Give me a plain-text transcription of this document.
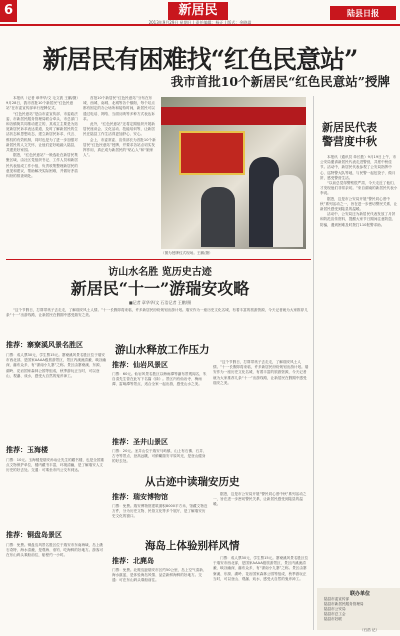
6	新居民
2013年9月29日 星期日 | 责任编辑：杨正 | 版式：金晓嵩
陆县日报
新居民有困难找“红色民意站”
我市首批10个新居民“红色民意站”授牌

本报讯（记者 章华华/文 毛文波 王鹏/摄）9月28日，我市首批10个新居民“红色民意站”在市委宣传部举行授牌仪式。

“红色民意站”是由市委宣传部、市委政法委、市新居民服务管理局联合牵头，市总部门和各镇街共同推动建立的，其成立主要是为拓宽新居民诉求表达渠道，及时了解新居民的生活状态和思想动态，建立新居民诉求、代言、维权的有效机制，同时也是为了进一步加强对新居民的人文关怀，让他们更好地融入陆县，共建美好家园。

据悉，“红色民意站”一般选址在新居民集聚区域，由社区党组织书记、工作人员和新居民代表组成工作小组，负责收集整理新居民的意见和建议，帮助解决实际困难，并做好矛盾纠纷的排查调处。

首批10个新居民“红色民意站”分布在东城、西城、南城、北城等各个镇街，每个站点都有固定的办公场所和接待时间，新居民可以通过电话、网络、当面反映等多种方式表达诉求。

此外，“红色民意站”还将定期组织开展新居民座谈会、文化活动、技能培训等，让新居民在陆县工作生活得更加舒心、安心。

会上，市委常委、宣传部长为首批10个新居民“红色民意站”授牌，并要求各站点切实发挥作用，真正成为新居民的“贴心人”和“娘家人”。

（图为授牌仪式现场。王鹏/摄）
访山水名胜 览历史古迹
新居民“十一”游瑞安攻略
■记者 章华华/文 石浩记者 王鹏/摄

“这个节假日，打算带孩子去走走，了解瑞安风土人情。”十一长假即将来临，许多新居民纷纷规划出游计划。瑞安作为一座历史文化名城，有着丰富的旅游资源，今天记者就为大家推荐几条“十一”出游线路，让新居民在假期中感受瑞安之美。

推荐：寨寮溪风景名胜区
门票：成人票30元，学生票15元。寨寮溪风景名胜区位于瑞安市西北部，是国家AAAA级旅游景区，景区内溪流清澈、峡谷幽深、瀑布众多，有“浙南小九寨”之称。景区由寨寮溪、东源、湖岭、花岩国家森林公园等组成，秋季游玩正当时，可以登山、观瀑、戏水，感受大自然的鬼斧神工。
推荐：玉海楼
门票：10元。玉海楼是瑞安孙诒让先生的藏书楼，也是全国重点文物保护单位，楼内藏书丰富，环境清幽，是了解瑞安人文历史的好去处。交通：可乘坐市内公交车到达。
推荐：铜盘岛景区
门票：免费。铜盘岛风景名胜区位于瑞安市东南海域，岛上礁石奇特、海水清澈，是观海、垂钓、吃海鲜的好地方。游客可在东山码头乘船前往，船程约一小时。
游山水释放工作压力
推荐：仙岩风景区
门票：60元。仙岩风景名胜区以梅雨潭等瀑布景观闻名，朱自清先生曾在此写下名篇《绿》。景区内有仙岩寺、梅雨潭、雷响潭等景点，适合全家一起出游，感受山水之美。
推荐：圣井山景区
门票：20元。圣井山位于瑞安马屿镇，山上有石佛、石井、古寺等景点，登高远眺，可俯瞰瑞安平原风光，是登山健身的好去处。

“这个节假日，打算带孩子去走走，了解瑞安风土人情。”十一长假即将来临，许多新居民纷纷规划出游计划。瑞安作为一座历史文化名城，有着丰富的旅游资源，今天记者就为大家推荐几条“十一”出游线路，让新居民在假期中感受瑞安之美。

从古迹中读瑞安历史
推荐：瑞安博物馆
门票：免费。瑞安博物馆建筑面积8000平方米，馆藏文物近万件，分为历史文物、民俗文化等多个展厅，是了解瑞安历史文化的窗口。

据悉，这是市公安局开展“警民同心度中秋”系列活动之一，旨在进一步密切警民关系，让新居民感受到陆县的温暖。

海岛上体验别样风情
推荐：北麂岛
门票：免费。北麂岛距瑞安市区约50公里，岛上空气清新、海水湛蓝，是体验海岛风情、品尝新鲜海鲜的好地方。交通：可在东山码头乘船前往。

门票：成人票30元，学生票15元。寨寮溪风景名胜区位于瑞安市西北部，是国家AAAA级旅游景区，景区内溪流清澈、峡谷幽深、瀑布众多，有“浙南小九寨”之称。景区由寨寮溪、东源、湖岭、花岩国家森林公园等组成，秋季游玩正当时，可以登山、观瀑、戏水，感受大自然的鬼斧神工。

新居民代表
警营度中秋

本报讯（通讯员 单长胜）9月19日上午，市公安局邀请新居民代表走进警营，共度中秋佳节。活动中，新居民代表参观了公安局指挥中心、巡特警大队等地，与民警一起包饺子、做月饼，感受警营生活。

“以前总觉得警察很严肃，今天走近了他们，才发现他们非常亲切。”来自湖南的新居民代表小李说。

据悉，这是市公安局开展“警民同心度中秋”系列活动之一，旨在进一步密切警民关系，让新居民感受到陆县的温暖。

活动中，公安局还为新居民代表发放了月饼和防范宣传资料，提醒大家节日期间注意防盗、防骗，遇到困难及时拨打110报警求助。

联办单位
陆县市委宣传部
陆县市新居民服务管理局
陆县市公安局
陆县市总工会
陆县市妇联
（石浩 记）
